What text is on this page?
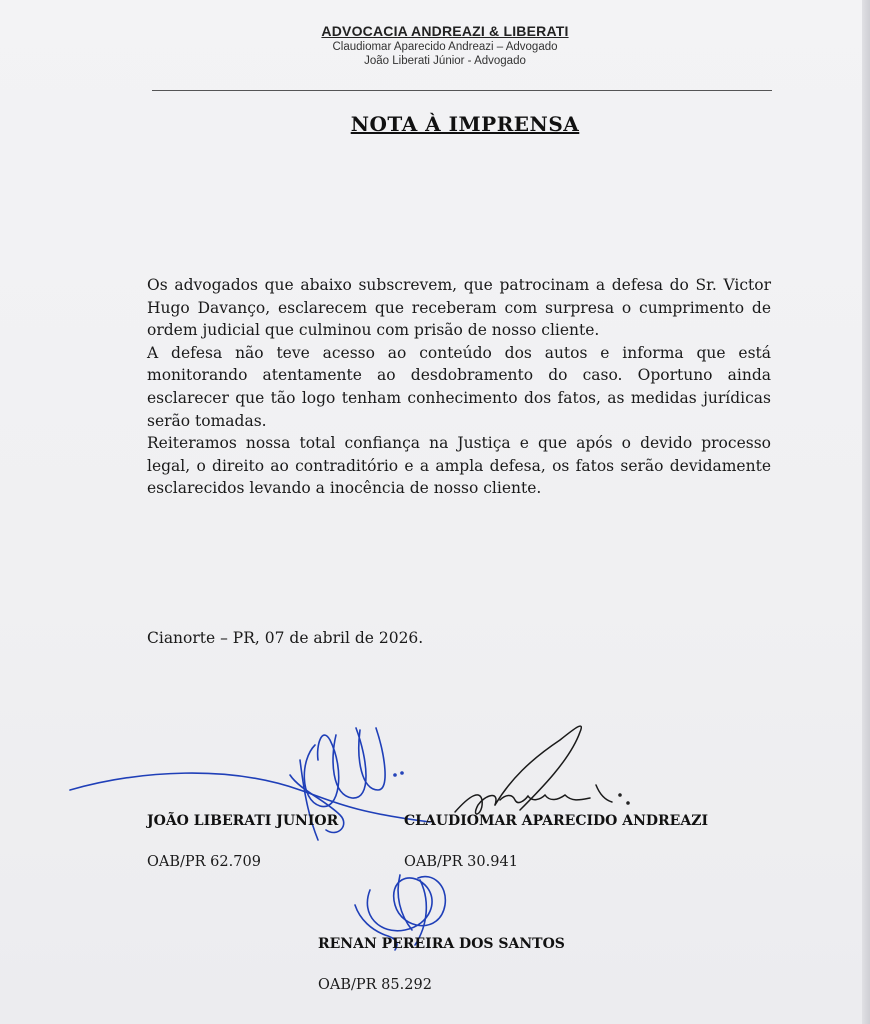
ADVOCACIA ANDREAZI & LIBERATI
Claudiomar Aparecido Andreazi – Advogado
João Liberati Júnior - Advogado
NOTA À IMPRENSA

Os advogados que abaixo subscrevem, que patrocinam a defesa do Sr. Victor Hugo Davanço, esclarecem que receberam com surpresa o cumprimento de ordem judicial que culminou com prisão de nosso cliente.

A defesa não teve acesso ao conteúdo dos autos e informa que está monitorando atentamente ao desdobramento do caso. Oportuno ainda esclarecer que tão logo tenham conhecimento dos fatos, as medidas jurídicas serão tomadas.

Reiteramos nossa total confiança na Justiça e que após o devido processo legal, o direito ao contraditório e a ampla defesa, os fatos serão devidamente esclarecidos levando a inocência de nosso cliente.

Cianorte – PR, 07 de abril de 2026.
JOÃO LIBERATI JUNIOR
OAB/PR 62.709
CLAUDIOMAR APARECIDO ANDREAZI
OAB/PR 30.941
RENAN PEREIRA DOS SANTOS
OAB/PR 85.292
